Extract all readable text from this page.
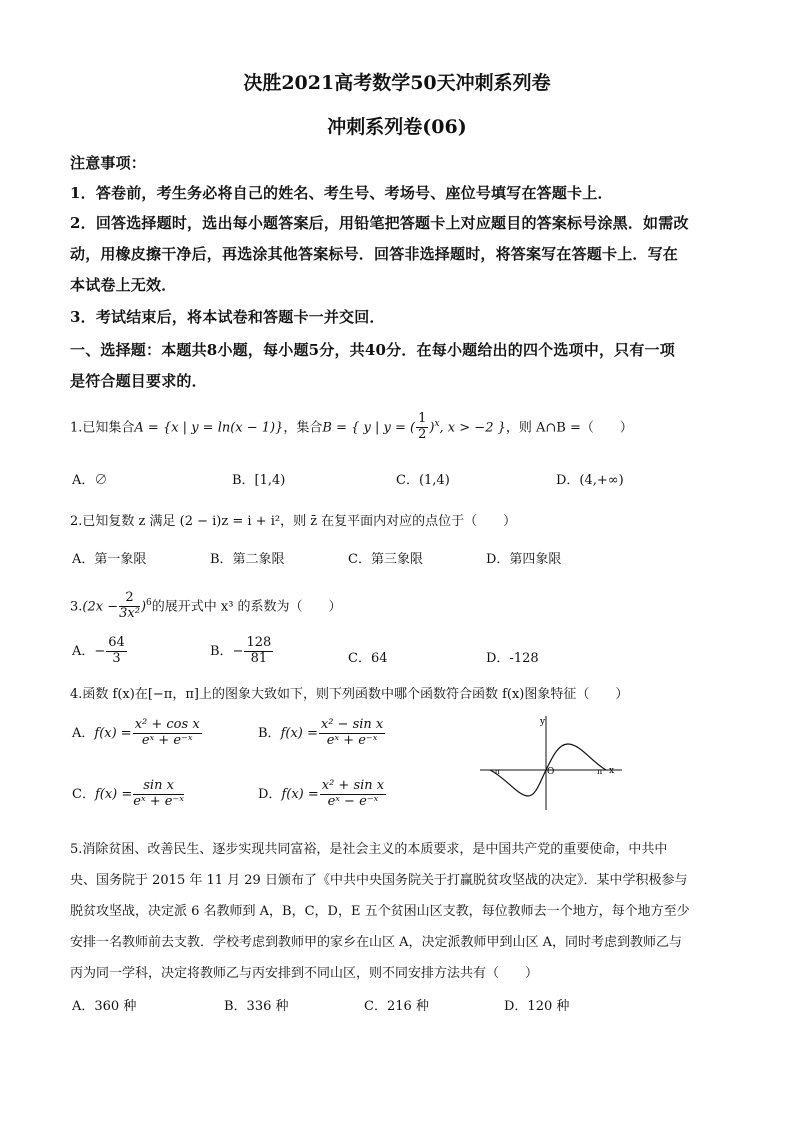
决胜2021高考数学50天冲刺系列卷
冲刺系列卷(06)
注意事项：
1．答卷前，考生务必将自己的姓名、考生号、考场号、座位号填写在答题卡上．
2．回答选择题时，选出每小题答案后，用铅笔把答题卡上对应题目的答案标号涂黑．如需改
动，用橡皮擦干净后，再选涂其他答案标号．回答非选择题时，将答案写在答题卡上．写在
本试卷上无效．
3．考试结束后，将本试卷和答题卡一并交回．
一、选择题：本题共8小题，每小题5分，共40分．在每小题给出的四个选项中，只有一项
是符合题目要求的．
1.已知集合A = {x | y = ln(x − 1)}，集合B = { y | y = ( $\frac{1}{2} )^x$, x > −2 }，则 A∩B =（　　）
A．∅	B．[1,4)	C．(1,4)	D．(4,+∞)
2.已知复数 z 满足 (2 − i)z = i + i²，则 z̄ 在复平面内对应的点位于（　　）
A．第一象限	B．第二象限	C．第三象限	D．第四象限
$3.(2x - \frac{2}{\text{3x²}} )^6$的展开式中 x³ 的系数为（　　）
A．− $\frac{64}{3}$	B．− $\frac{128}{81}$	C．64	D．-128
4.函数 f(x)在[−π，π]上的图象大致如下，则下列函数中哪个函数符合函数 f(x)图象特征（　　）
A．$f(x) = \frac{\text{x² + cos x}}{\text{eˣ + e⁻ˣ}}$	B．$f(x) = \frac{\text{x² − sin x}}{\text{eˣ + e⁻ˣ}}$
C．$f(x) = \frac{\text{sin x}}{\text{eˣ + e⁻ˣ}}$	D．$f(x) = \frac{\text{x² + sin x}}{\text{eˣ − e⁻ˣ}}$
y
x
O
-π	π
5.消除贫困、改善民生、逐步实现共同富裕，是社会主义的本质要求，是中国共产党的重要使命，中共中
央、国务院于 2015 年 11 月 29 日颁布了《中共中央国务院关于打赢脱贫攻坚战的决定》．某中学积极参与
脱贫攻坚战，决定派 6 名教师到 A，B，C，D，E 五个贫困山区支教，每位教师去一个地方，每个地方至少
安排一名教师前去支教．学校考虑到教师甲的家乡在山区 A，决定派教师甲到山区 A，同时考虑到教师乙与
丙为同一学科，决定将教师乙与丙安排到不同山区，则不同安排方法共有（　　）
A．360 种	B．336 种	C．216 种	D．120 种
